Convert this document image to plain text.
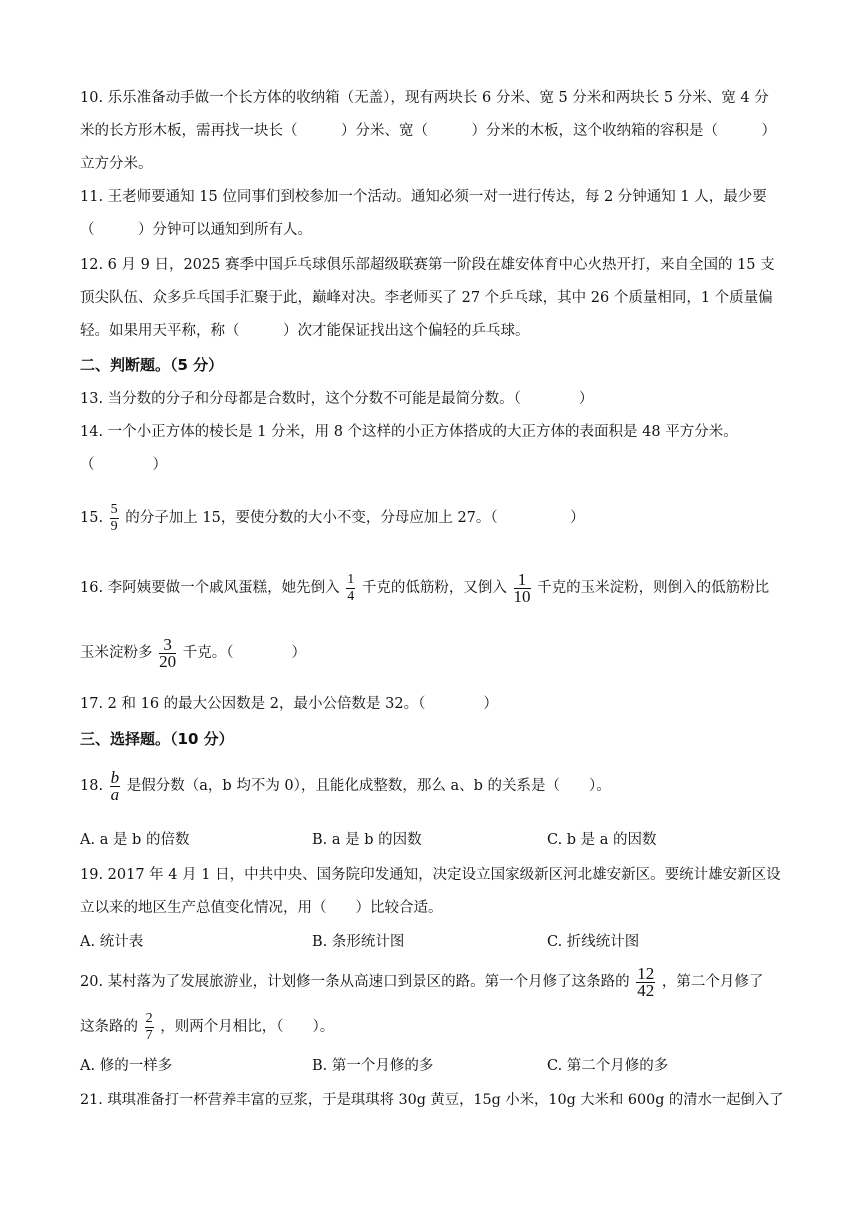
10. 乐乐准备动手做一个长方体的收纳箱（无盖），现有两块长 6 分米、宽 5 分米和两块长 5 分米、宽 4 分
米的长方形木板，需再找一块长（　　　）分米、宽（　　　）分米的木板，这个收纳箱的容积是（　　　）
立方分米。
11. 王老师要通知 15 位同事们到校参加一个活动。通知必须一对一进行传达，每 2 分钟通知 1 人，最少要
（　　　）分钟可以通知到所有人。
12. 6 月 9 日，2025 赛季中国乒乓球俱乐部超级联赛第一阶段在雄安体育中心火热开打，来自全国的 15 支
顶尖队伍、众多乒乓国手汇聚于此，巅峰对决。李老师买了 27 个乒乓球，其中 26 个质量相同，1 个质量偏
轻。如果用天平称，称（　　　）次才能保证找出这个偏轻的乒乓球。
二、判断题。（5 分）
13. 当分数的分子和分母都是合数时，这个分数不可能是最简分数。（　　　　）
14. 一个小正方体的棱长是 1 分米，用 8 个这样的小正方体搭成的大正方体的表面积是 48 平方分米。
（　　　　）
15. $\frac{5}{9}$ 的分子加上 15，要使分数的大小不变，分母应加上 27。（　　　　　）
16. 李阿姨要做一个戚风蛋糕，她先倒入 $\frac{1}{4}$ 千克的低筋粉，又倒入 $\frac{1}{10}$ 千克的玉米淀粉，则倒入的低筋粉比
玉米淀粉多 $\frac{3}{20}$ 千克。（　　　　）
17. 2 和 16 的最大公因数是 2，最小公倍数是 32。（　　　　）
三、选择题。（10 分）
18. $\frac{b}{a}$ 是假分数（a，b 均不为 0），且能化成整数，那么 a、b 的关系是（　　）。
A. a 是 b 的倍数	B. a 是 b 的因数	C. b 是 a 的因数
19. 2017 年 4 月 1 日，中共中央、国务院印发通知，决定设立国家级新区河北雄安新区。要统计雄安新区设
立以来的地区生产总值变化情况，用（　　）比较合适。
A. 统计表	B. 条形统计图	C. 折线统计图
20. 某村落为了发展旅游业，计划修一条从高速口到景区的路。第一个月修了这条路的 $\frac{12}{42}$ ，第二个月修了
这条路的 $\frac{2}{7}$ ，则两个月相比，（　　）。
A. 修的一样多	B. 第一个月修的多	C. 第二个月修的多
21. 琪琪准备打一杯营养丰富的豆浆，于是琪琪将 30g 黄豆，15g 小米，10g 大米和 600g 的清水一起倒入了
